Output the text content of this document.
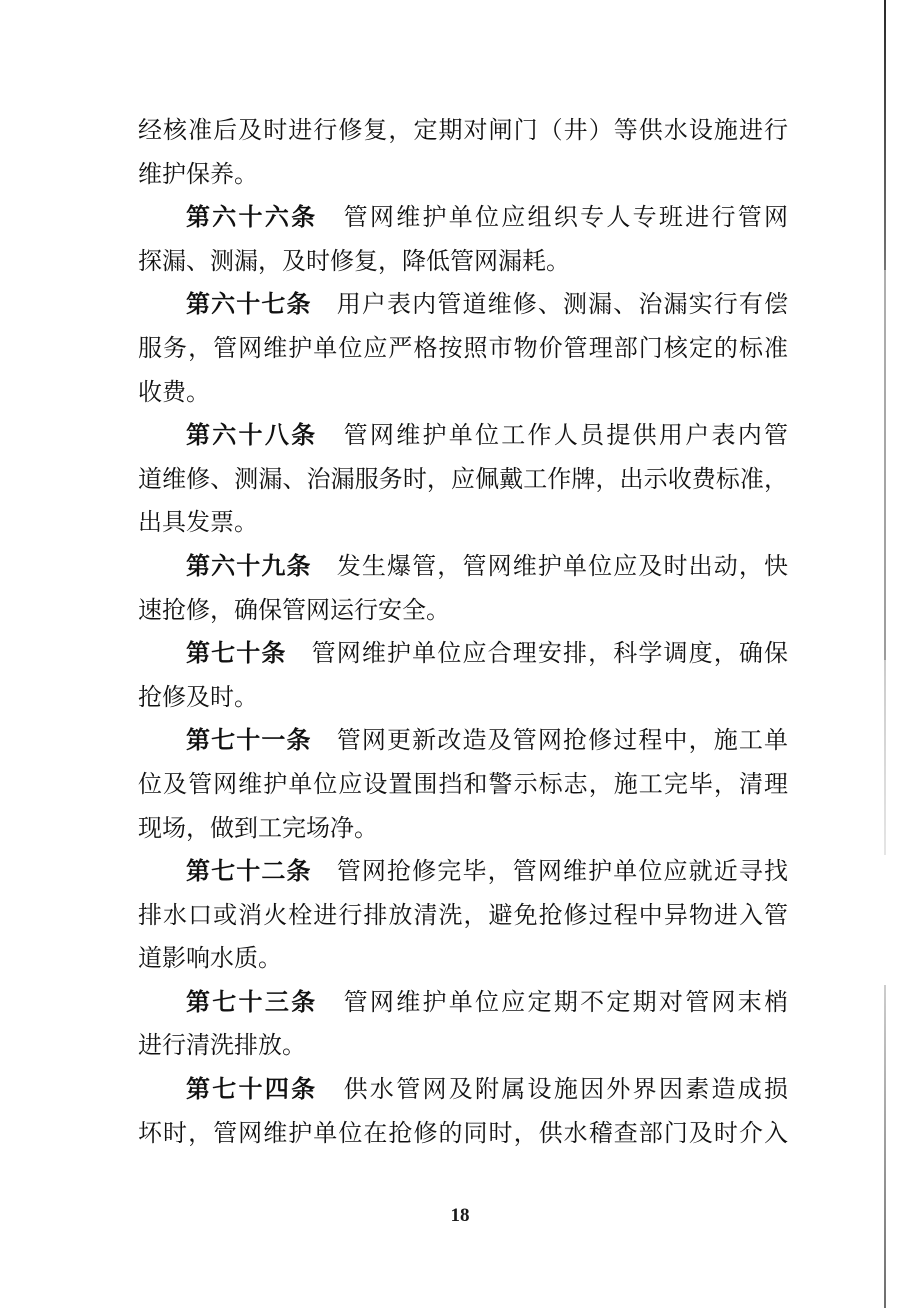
经核准后及时进行修复，定期对闸门（井）等供水设施进行
维护保养。
第六十六条　管网维护单位应组织专人专班进行管网
探漏、测漏，及时修复，降低管网漏耗。
第六十七条　用户表内管道维修、测漏、治漏实行有偿
服务，管网维护单位应严格按照市物价管理部门核定的标准
收费。
第六十八条　管网维护单位工作人员提供用户表内管
道维修、测漏、治漏服务时，应佩戴工作牌，出示收费标准，
出具发票。
第六十九条　发生爆管，管网维护单位应及时出动，快
速抢修，确保管网运行安全。
第七十条　管网维护单位应合理安排，科学调度，确保
抢修及时。
第七十一条　管网更新改造及管网抢修过程中，施工单
位及管网维护单位应设置围挡和警示标志，施工完毕，清理
现场，做到工完场净。
第七十二条　管网抢修完毕，管网维护单位应就近寻找
排水口或消火栓进行排放清洗，避免抢修过程中异物进入管
道影响水质。
第七十三条　管网维护单位应定期不定期对管网末梢
进行清洗排放。
第七十四条　供水管网及附属设施因外界因素造成损
坏时，管网维护单位在抢修的同时，供水稽查部门及时介入
18
